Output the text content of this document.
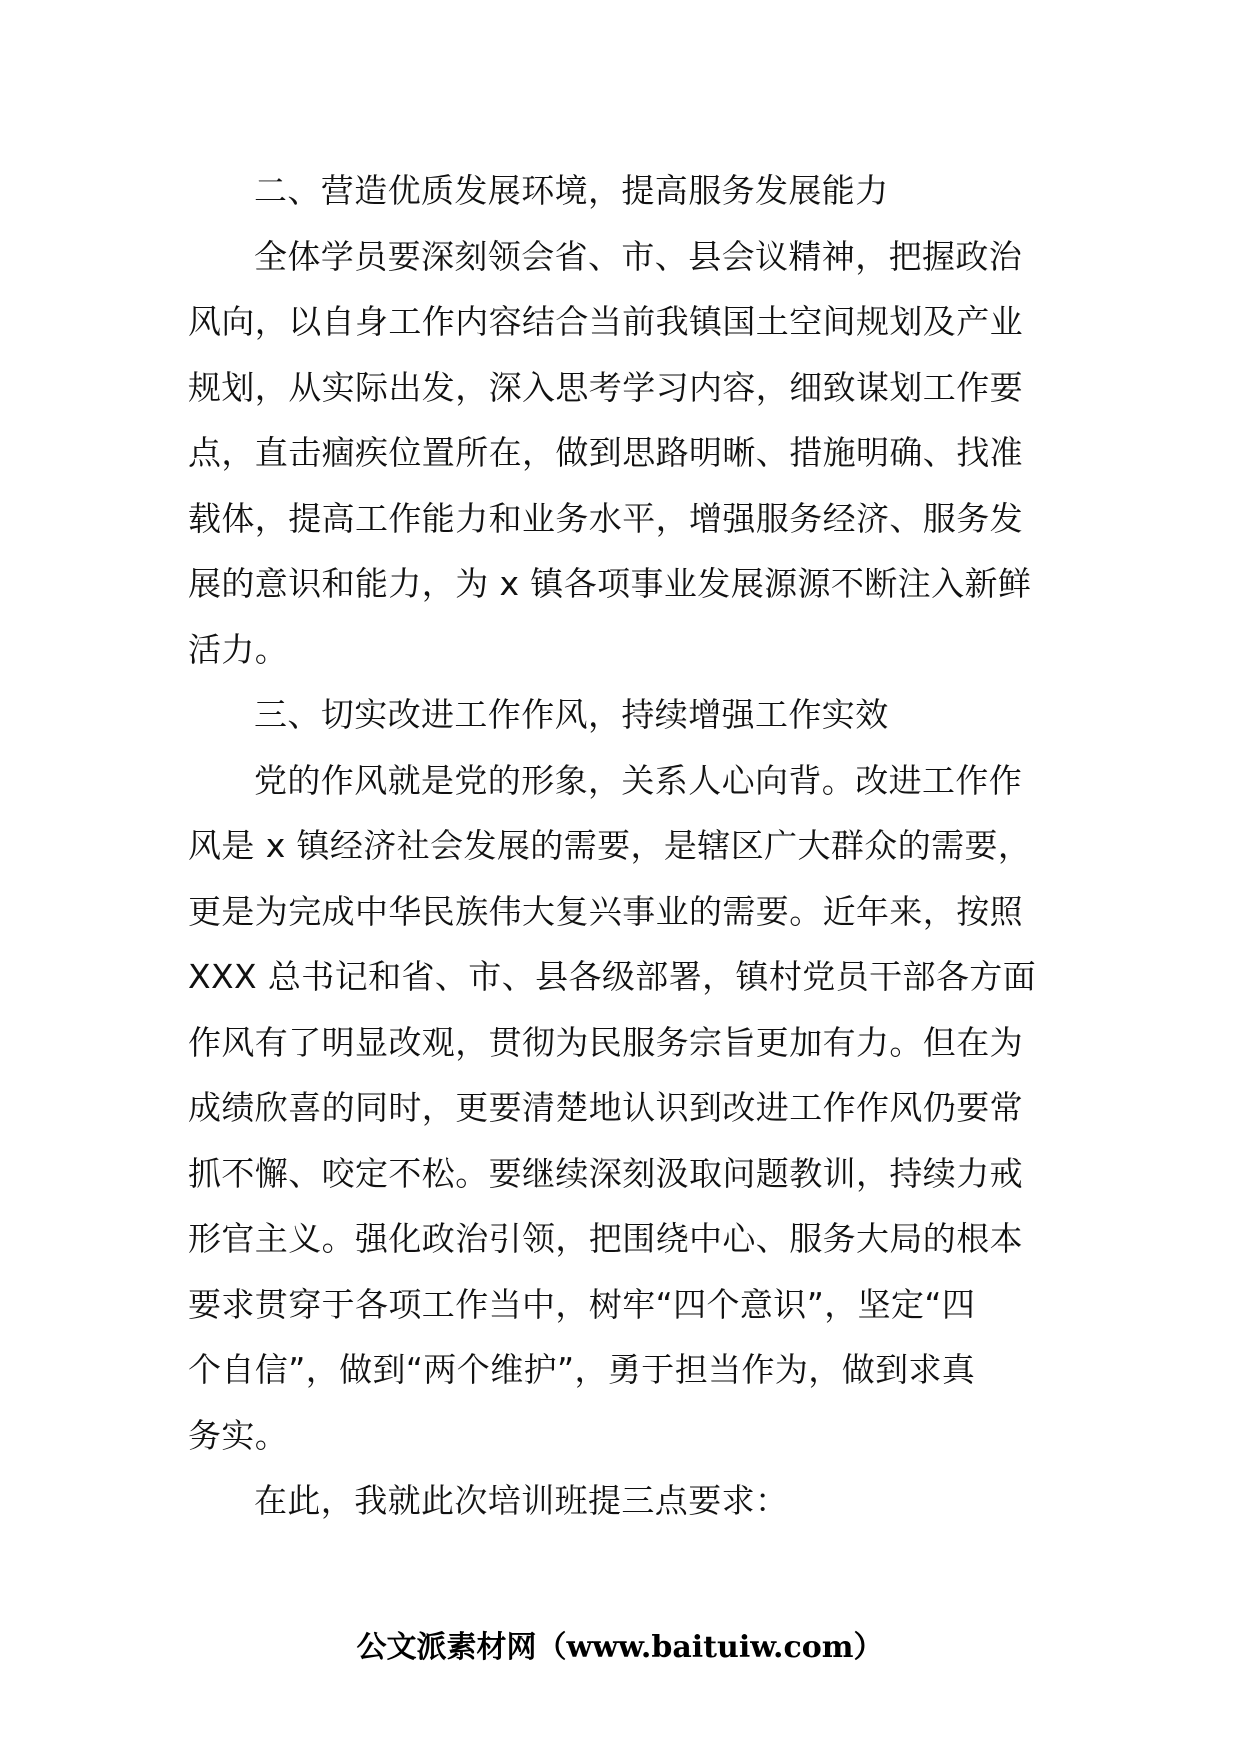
二、营造优质发展环境，提高服务发展能力
全体学员要深刻领会省、市、县会议精神，把握政治
风向，以自身工作内容结合当前我镇国土空间规划及产业
规划，从实际出发，深入思考学习内容，细致谋划工作要
点，直击痼疾位置所在，做到思路明晰、措施明确、找准
载体，提高工作能力和业务水平，增强服务经济、服务发
展的意识和能力，为 x 镇各项事业发展源源不断注入新鲜
活力。
三、切实改进工作作风，持续增强工作实效
党的作风就是党的形象，关系人心向背。改进工作作
风是 x 镇经济社会发展的需要，是辖区广大群众的需要，
更是为完成中华民族伟大复兴事业的需要。近年来，按照
XXX 总书记和省、市、县各级部署，镇村党员干部各方面
作风有了明显改观，贯彻为民服务宗旨更加有力。但在为
成绩欣喜的同时，更要清楚地认识到改进工作作风仍要常
抓不懈、咬定不松。要继续深刻汲取问题教训，持续力戒
形官主义。强化政治引领，把围绕中心、服务大局的根本
要求贯穿于各项工作当中，树牢“四个意识”，坚定“四
个自信”，做到“两个维护”，勇于担当作为，做到求真
务实。
在此，我就此次培训班提三点要求：
公文派素材网（www.baituiw.com）
